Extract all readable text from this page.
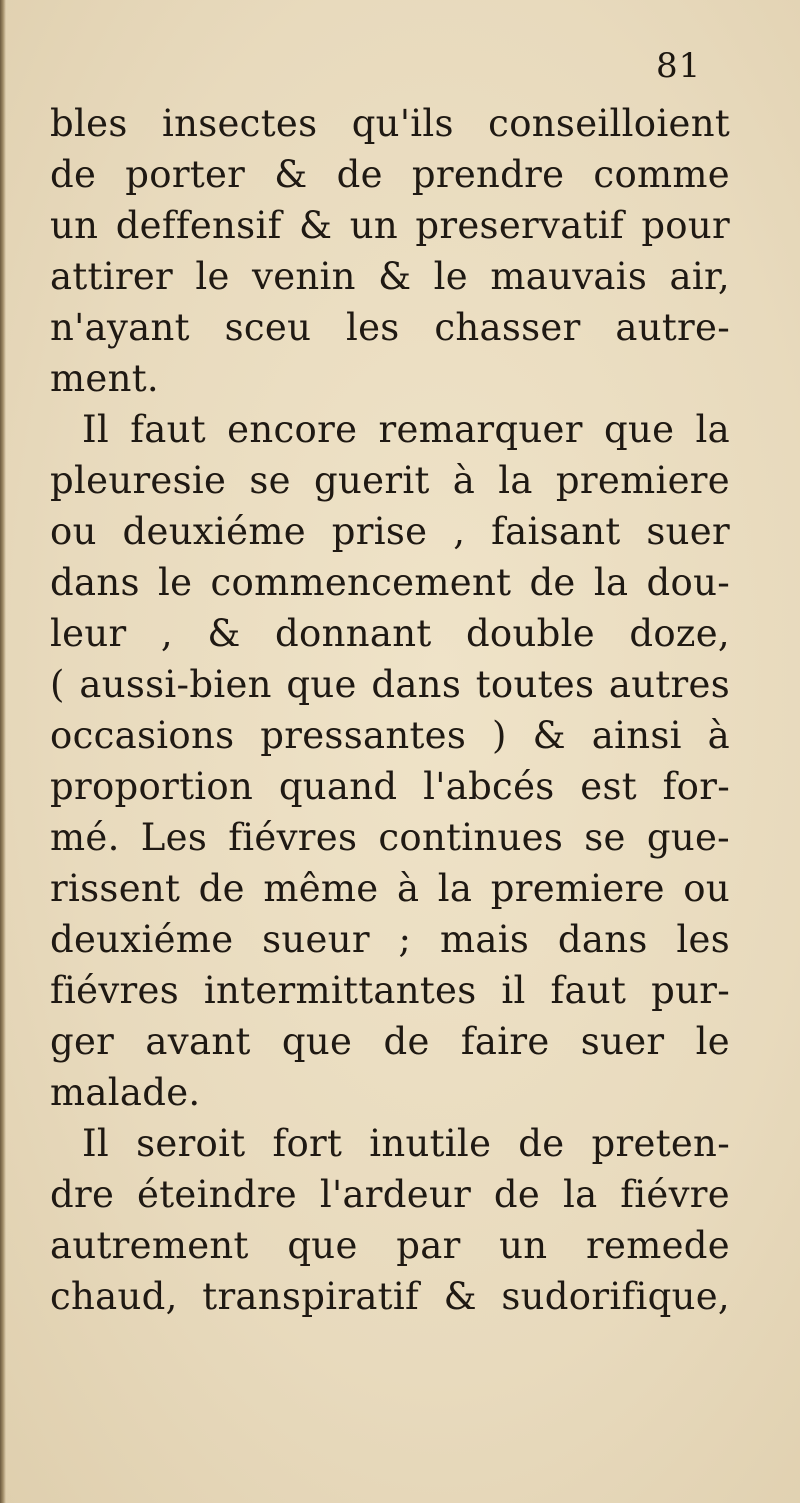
81
bles insectes qu'ils conseilloient
de porter & de prendre comme
un deffensif & un preservatif pour
attirer le venin & le mauvais air,
n'ayant sceu les chasser autre-
ment.
Il faut encore remarquer que la
pleuresie se guerit à la premiere
ou deuxiéme prise , faisant suer
dans le commencement de la dou-
leur , & donnant double doze,
( aussi-bien que dans toutes autres
occasions pressantes ) & ainsi à
proportion quand l'abcés est for-
mé. Les fiévres continues se gue-
rissent de même à la premiere ou
deuxiéme sueur ; mais dans les
fiévres intermittantes il faut pur-
ger avant que de faire suer le
malade.
Il seroit fort inutile de preten-
dre éteindre l'ardeur de la fiévre
autrement que par un remede
chaud, transpiratif & sudorifique,
